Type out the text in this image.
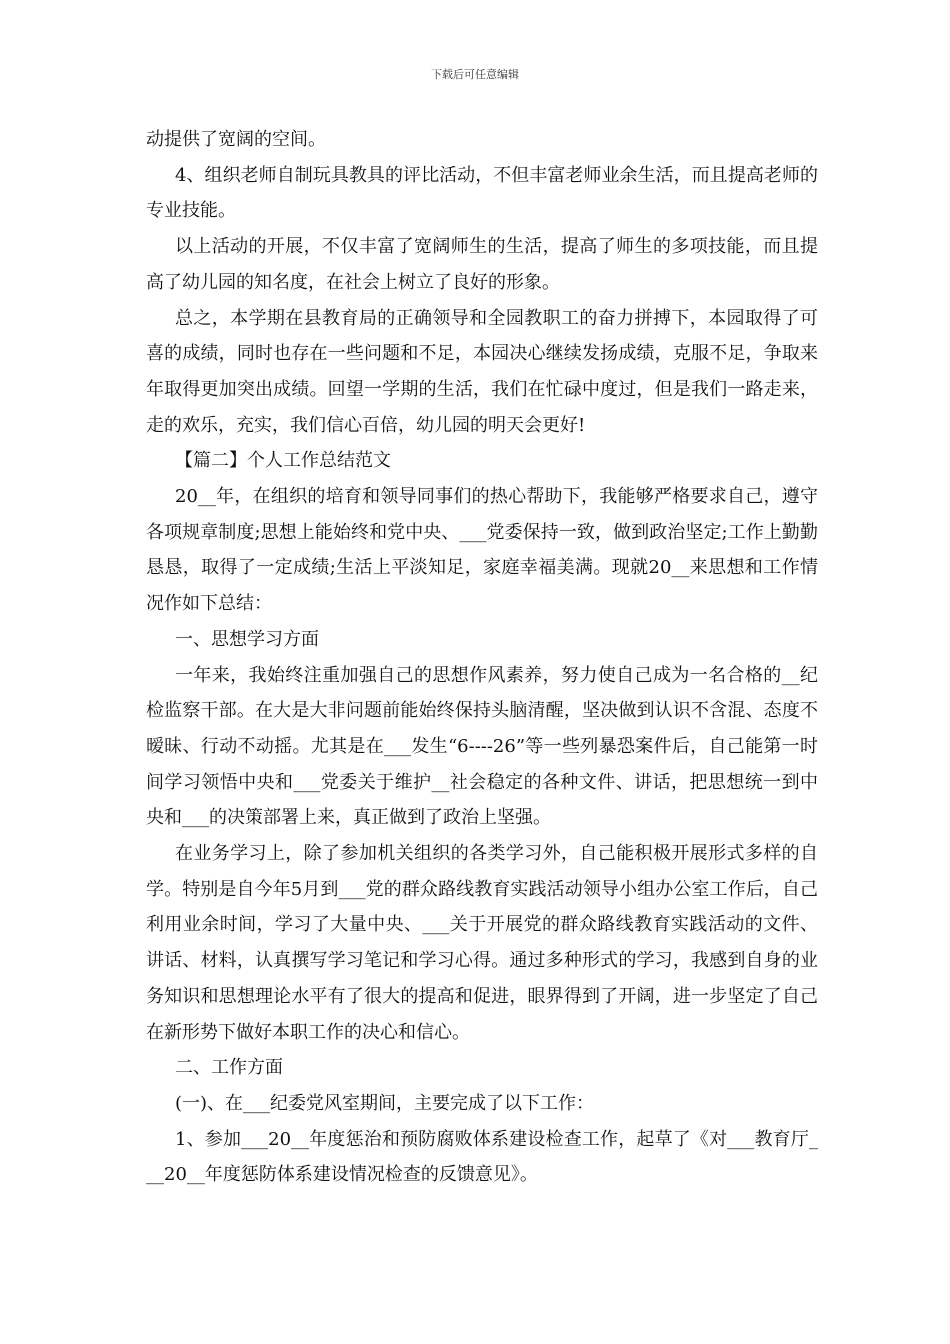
下载后可任意编辑

动提供了宽阔的空间。

4、组织老师自制玩具教具的评比活动，不但丰富老师业余生活，而且提高老师的专业技能。

以上活动的开展，不仅丰富了宽阔师生的生活，提高了师生的多项技能，而且提高了幼儿园的知名度，在社会上树立了良好的形象。

总之，本学期在县教育局的正确领导和全园教职工的奋力拼搏下，本园取得了可喜的成绩，同时也存在一些问题和不足，本园决心继续发扬成绩，克服不足，争取来年取得更加突出成绩。回望一学期的生活，我们在忙碌中度过，但是我们一路走来，走的欢乐，充实，我们信心百倍，幼儿园的明天会更好!

【篇二】个人工作总结范文

20__年，在组织的培育和领导同事们的热心帮助下，我能够严格要求自己，遵守各项规章制度;思想上能始终和党中央、___党委保持一致，做到政治坚定;工作上勤勤恳恳，取得了一定成绩;生活上平淡知足，家庭幸福美满。现就20__来思想和工作情况作如下总结：

一、思想学习方面

一年来，我始终注重加强自己的思想作风素养，努力使自己成为一名合格的__纪检监察干部。在大是大非问题前能始终保持头脑清醒，坚决做到认识不含混、态度不暧昧、行动不动摇。尤其是在___发生“6----26”等一些列暴恐案件后，自己能第一时间学习领悟中央和___党委关于维护__社会稳定的各种文件、讲话，把思想统一到中央和___的决策部署上来，真正做到了政治上坚强。

在业务学习上，除了参加机关组织的各类学习外，自己能积极开展形式多样的自学。特别是自今年5月到___党的群众路线教育实践活动领导小组办公室工作后，自己利用业余时间，学习了大量中央、___关于开展党的群众路线教育实践活动的文件、讲话、材料，认真撰写学习笔记和学习心得。通过多种形式的学习，我感到自身的业务知识和思想理论水平有了很大的提高和促进，眼界得到了开阔，进一步坚定了自己在新形势下做好本职工作的决心和信心。

二、工作方面

(一)、在___纪委党风室期间，主要完成了以下工作：

1、参加___20__年度惩治和预防腐败体系建设检查工作，起草了《对___教育厅___20__年度惩防体系建设情况检查的反馈意见》。
